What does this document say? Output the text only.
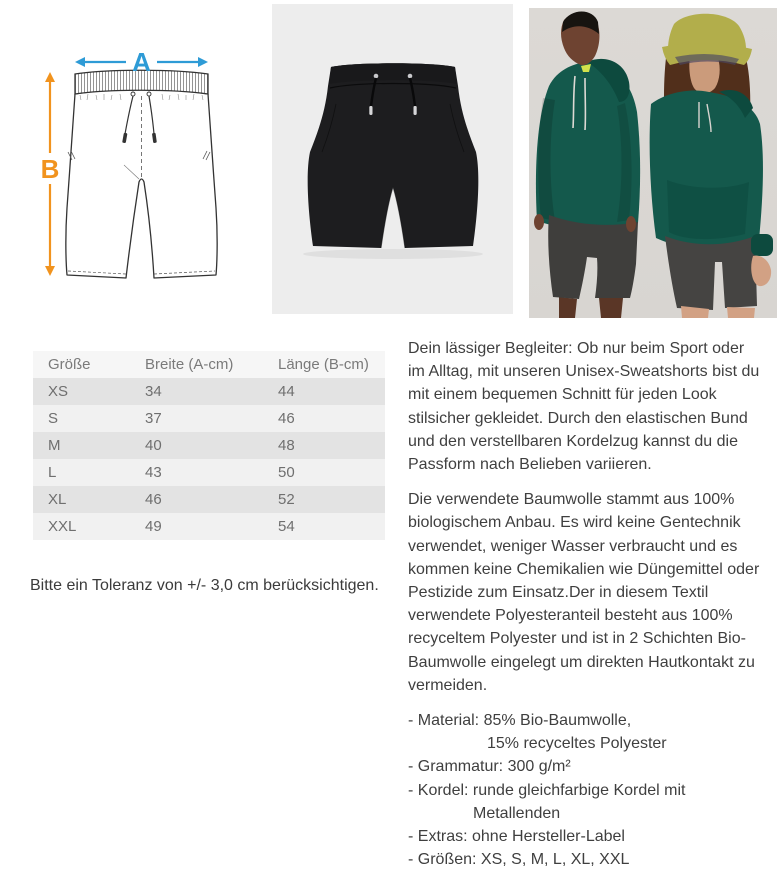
A
B
Größe	Breite (A-cm)	Länge (B-cm)
XS	34	44
S	37	46
M	40	48
L	43	50
XL	46	52
XXL	49	54

Bitte ein Toleranz von +/- 3,0 cm berücksichtigen.

Dein lässiger Begleiter: Ob nur beim Sport oder im Alltag, mit unseren Unisex-Sweatshorts bist du mit einem bequemen Schnitt für jeden Look stilsicher gekleidet. Durch den elastischen Bund und den verstellbaren Kordelzug kannst du die Passform nach Belieben variieren.

Die verwendete Baumwolle stammt aus 100% biologischem Anbau. Es wird keine Gentechnik verwendet, weniger Wasser verbraucht und es kommen keine Chemikalien wie Düngemittel oder Pestizide zum Einsatz.Der in diesem Textil verwendete Polyesteranteil besteht aus 100% recyceltem Polyester und ist in 2 Schichten Bio-Baumwolle eingelegt um direkten Hautkontakt zu vermeiden.

- Material: 85% Bio-Baumwolle,
15% recyceltes Polyester
- Grammatur: 300 g/m²
- Kordel: runde gleichfarbige Kordel mit
Metallenden
- Extras: ohne Hersteller-Label
- Größen: XS, S, M, L, XL, XXL
